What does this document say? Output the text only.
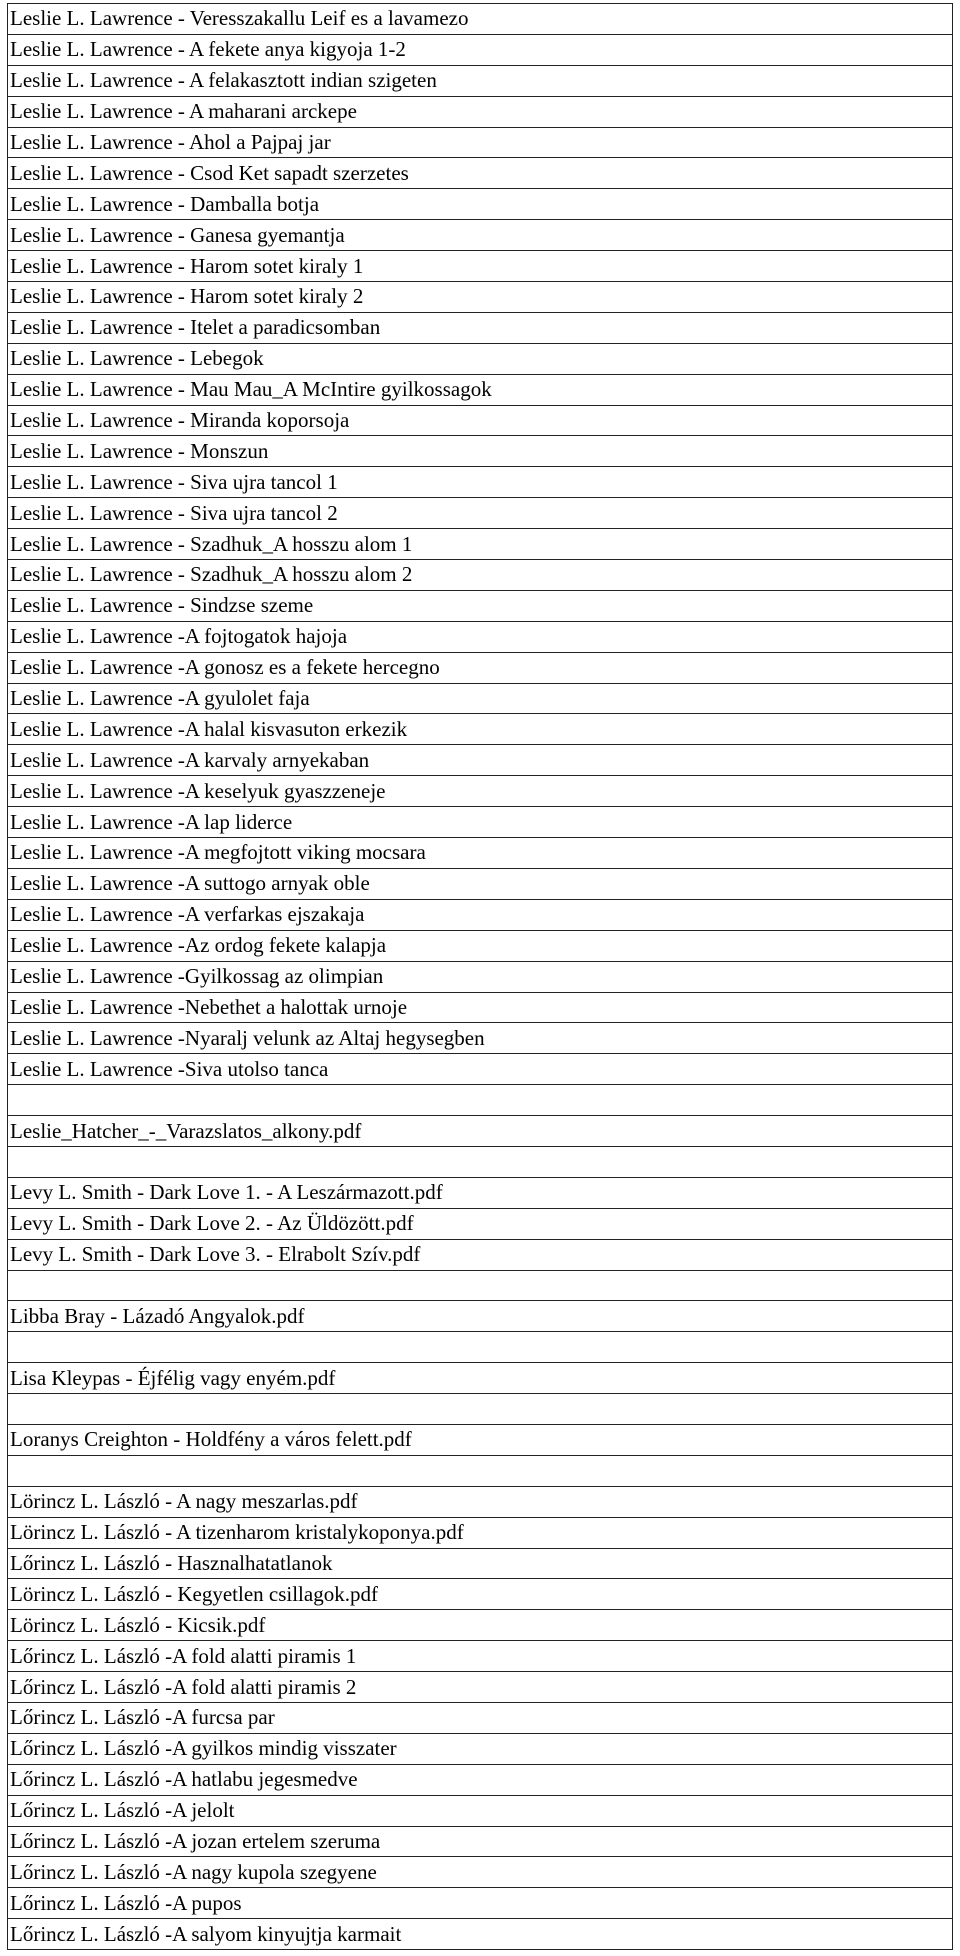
Leslie L. Lawrence - Veresszakallu Leif es a lavamezo
Leslie L. Lawrence - A fekete anya kigyoja 1-2
Leslie L. Lawrence - A felakasztott indian szigeten
Leslie L. Lawrence - A maharani arckepe
Leslie L. Lawrence - Ahol a Pajpaj jar
Leslie L. Lawrence - Csod Ket sapadt szerzetes
Leslie L. Lawrence - Damballa botja
Leslie L. Lawrence - Ganesa gyemantja
Leslie L. Lawrence - Harom sotet kiraly 1
Leslie L. Lawrence - Harom sotet kiraly 2
Leslie L. Lawrence - Itelet a paradicsomban
Leslie L. Lawrence - Lebegok
Leslie L. Lawrence - Mau Mau_A McIntire gyilkossagok
Leslie L. Lawrence - Miranda koporsoja
Leslie L. Lawrence - Monszun
Leslie L. Lawrence - Siva ujra tancol 1
Leslie L. Lawrence - Siva ujra tancol 2
Leslie L. Lawrence - Szadhuk_A hosszu alom 1
Leslie L. Lawrence - Szadhuk_A hosszu alom 2
Leslie L. Lawrence - Sindzse szeme
Leslie L. Lawrence -A fojtogatok hajoja
Leslie L. Lawrence -A gonosz es a fekete hercegno
Leslie L. Lawrence -A gyulolet faja
Leslie L. Lawrence -A halal kisvasuton erkezik
Leslie L. Lawrence -A karvaly arnyekaban
Leslie L. Lawrence -A keselyuk gyaszzeneje
Leslie L. Lawrence -A lap liderce
Leslie L. Lawrence -A megfojtott viking mocsara
Leslie L. Lawrence -A suttogo arnyak oble
Leslie L. Lawrence -A verfarkas ejszakaja
Leslie L. Lawrence -Az ordog fekete kalapja
Leslie L. Lawrence -Gyilkossag az olimpian
Leslie L. Lawrence -Nebethet a halottak urnoje
Leslie L. Lawrence -Nyaralj velunk az Altaj hegysegben
Leslie L. Lawrence -Siva utolso tanca

Leslie_Hatcher_-_Varazslatos_alkony.pdf

Levy L. Smith - Dark Love 1. - A Leszármazott.pdf
Levy L. Smith - Dark Love 2. - Az Üldözött.pdf
Levy L. Smith - Dark Love 3. - Elrabolt Szív.pdf

Libba Bray - Lázadó Angyalok.pdf

Lisa Kleypas - Éjfélig vagy enyém.pdf

Loranys Creighton - Holdfény a város felett.pdf

Lörincz L. László - A nagy meszarlas.pdf
Lörincz L. László - A tizenharom kristalykoponya.pdf
Lőrincz L. László - Hasznalhatatlanok
Lörincz L. László - Kegyetlen csillagok.pdf
Lörincz L. László - Kicsik.pdf
Lőrincz L. László -A fold alatti piramis 1
Lőrincz L. László -A fold alatti piramis 2
Lőrincz L. László -A furcsa par
Lőrincz L. László -A gyilkos mindig visszater
Lőrincz L. László -A hatlabu jegesmedve
Lőrincz L. László -A jelolt
Lőrincz L. László -A jozan ertelem szeruma
Lőrincz L. László -A nagy kupola szegyene
Lőrincz L. László -A pupos
Lőrincz L. László -A salyom kinyujtja karmait
